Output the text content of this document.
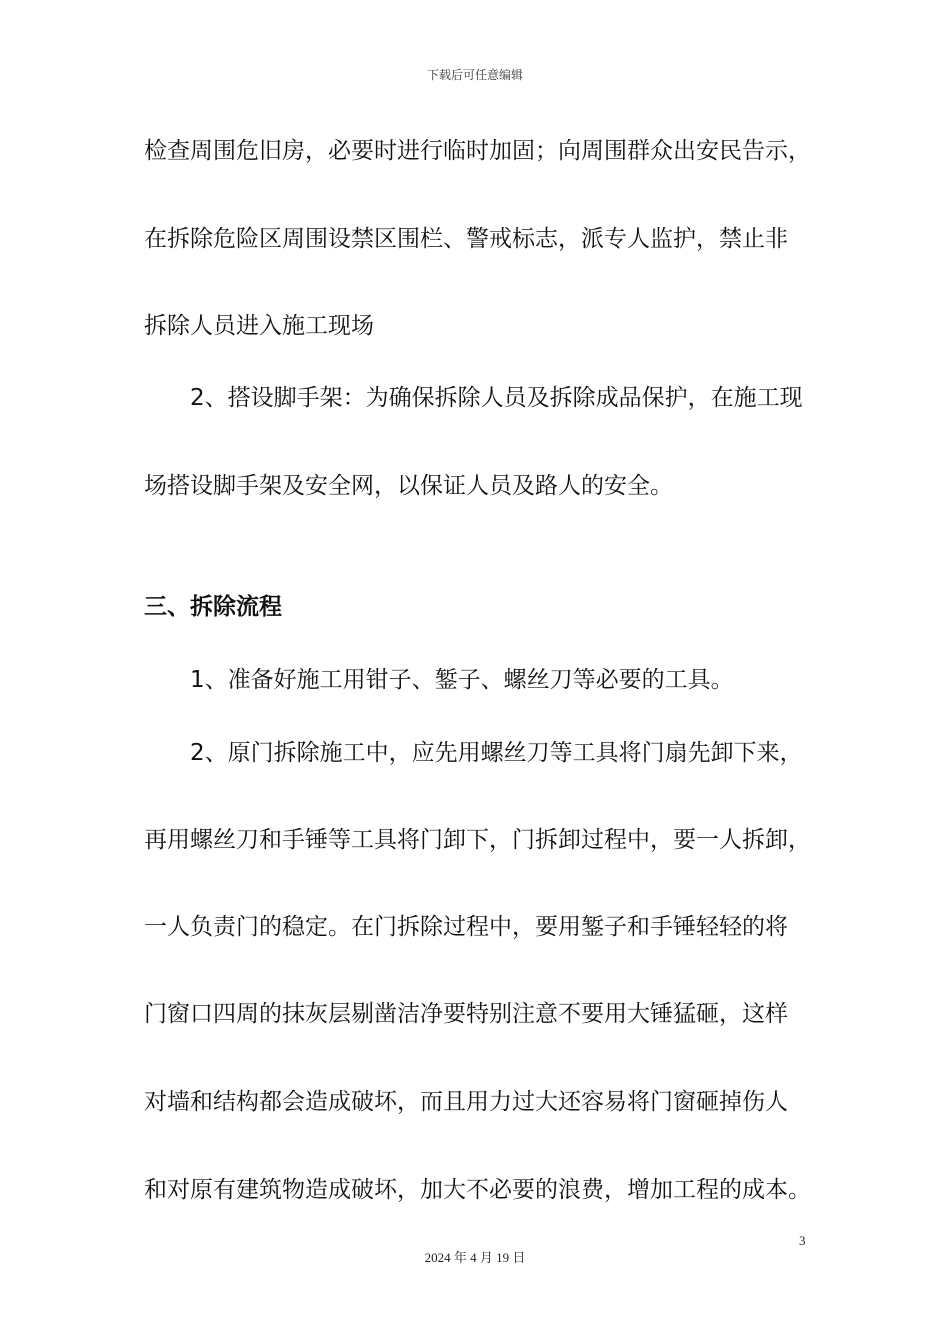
下载后可任意编辑
检查周围危旧房，必要时进行临时加固；向周围群众出安民告示，
在拆除危险区周围设禁区围栏、警戒标志，派专人监护，禁止非
拆除人员进入施工现场
2、搭设脚手架：为确保拆除人员及拆除成品保护，在施工现
场搭设脚手架及安全网，以保证人员及路人的安全。
三、拆除流程
1、准备好施工用钳子、錾子、螺丝刀等必要的工具。
2、原门拆除施工中，应先用螺丝刀等工具将门扇先卸下来，
再用螺丝刀和手锤等工具将门卸下，门拆卸过程中，要一人拆卸，
一人负责门的稳定。在门拆除过程中，要用錾子和手锤轻轻的将
门窗口四周的抹灰层剔凿洁净要特别注意不要用大锤猛砸，这样
对墙和结构都会造成破坏，而且用力过大还容易将门窗砸掉伤人
和对原有建筑物造成破坏，加大不必要的浪费，增加工程的成本。
3
2024 年 4 月 19 日
